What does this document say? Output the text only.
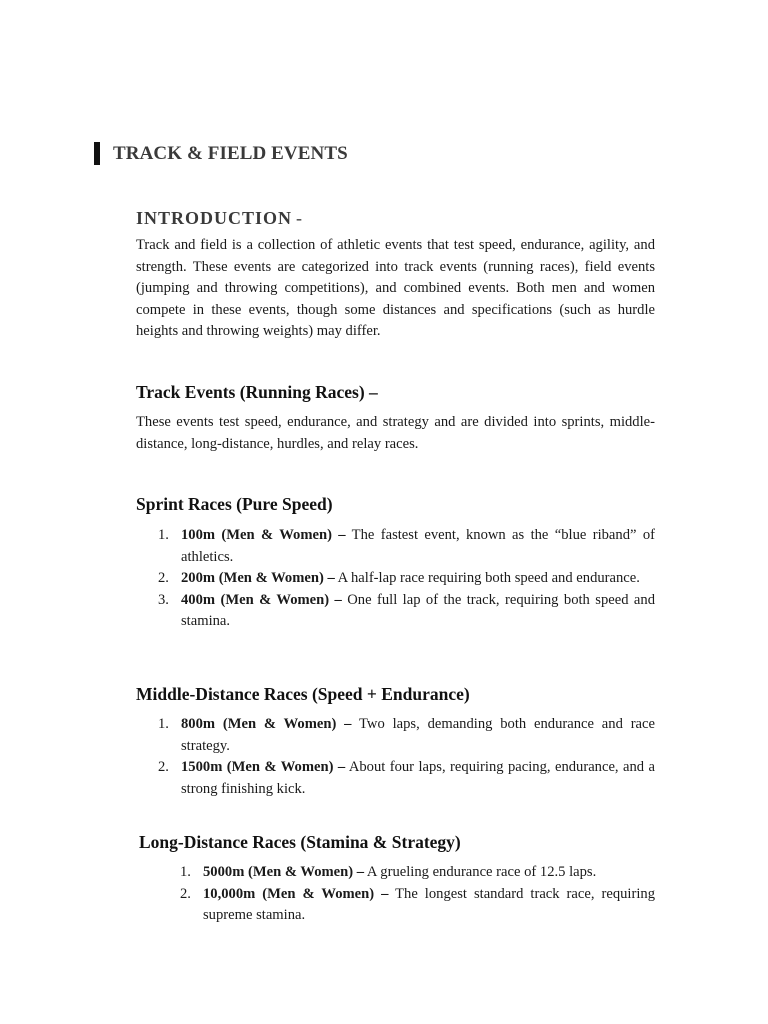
TRACK & FIELD EVENTS
INTRODUCTION -

Track and field is a collection of athletic events that test speed, endurance, agility, and strength. These events are categorized into track events (running races), field events (jumping and throwing competitions), and combined events. Both men and women compete in these events, though some distances and specifications (such as hurdle heights and throwing weights) may differ.

Track Events (Running Races) –

These events test speed, endurance, and strategy and are divided into sprints, middle-distance, long-distance, hurdles, and relay races.

Sprint Races (Pure Speed)
1. 100m (Men & Women) – The fastest event, known as the “blue riband” of athletics.
2. 200m (Men & Women) – A half-lap race requiring both speed and endurance.
3. 400m (Men & Women) – One full lap of the track, requiring both speed and stamina.
Middle-Distance Races (Speed + Endurance)
1. 800m (Men & Women) – Two laps, demanding both endurance and race strategy.
2. 1500m (Men & Women) – About four laps, requiring pacing, endurance, and a strong finishing kick.
Long-Distance Races (Stamina & Strategy)
1. 5000m (Men & Women) – A grueling endurance race of 12.5 laps.
2. 10,000m (Men & Women) – The longest standard track race, requiring supreme stamina.
